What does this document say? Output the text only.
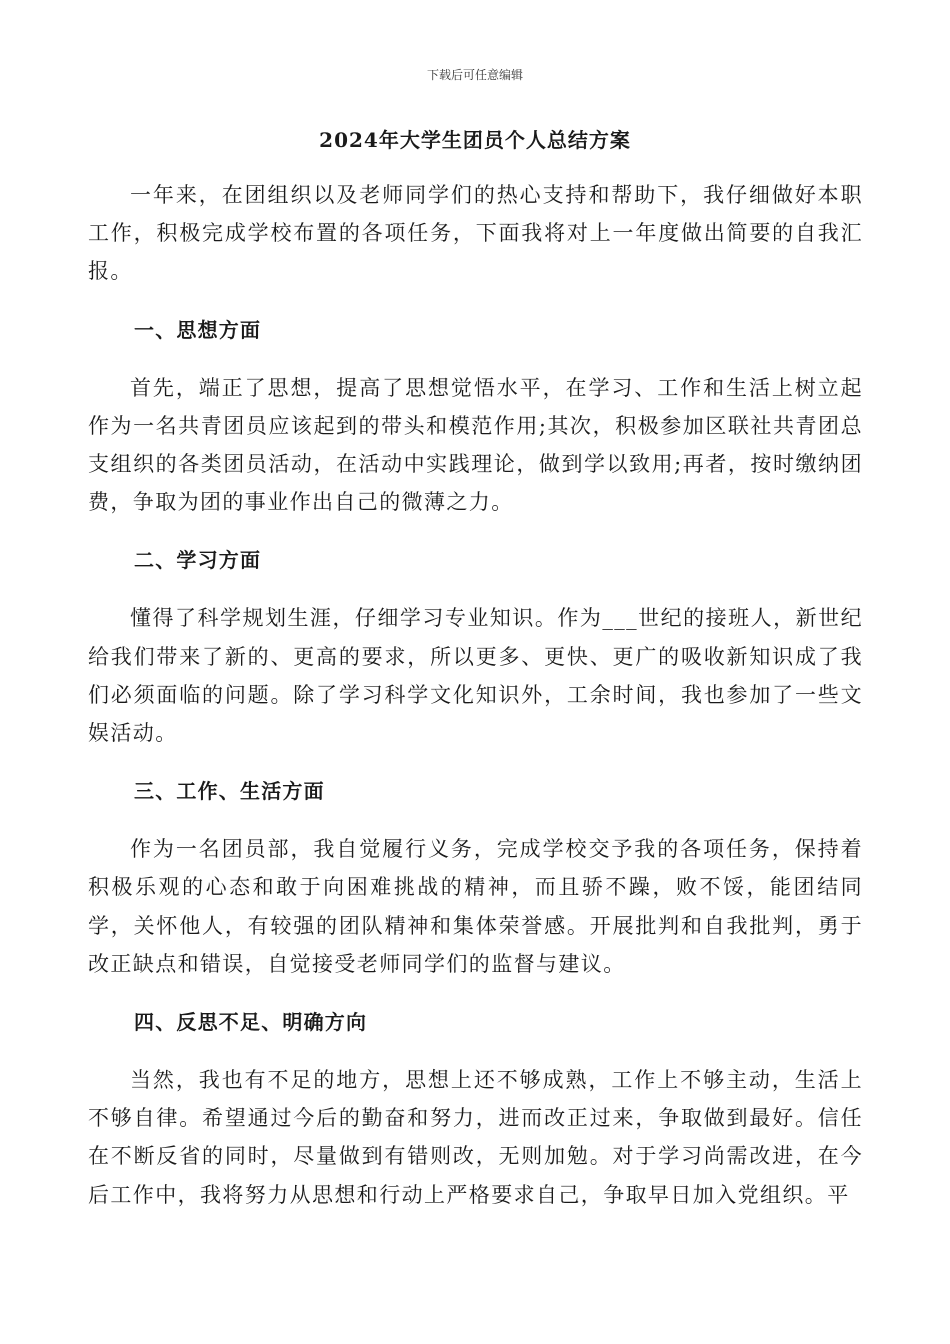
下载后可任意编辑
2024年大学生团员个人总结方案

一年来，在团组织以及老师同学们的热心支持和帮助下，我仔细做好本职工作，积极完成学校布置的各项任务，下面我将对上一年度做出简要的自我汇报。

一、思想方面

首先，端正了思想，提高了思想觉悟水平，在学习、工作和生活上树立起作为一名共青团员应该起到的带头和模范作用;其次，积极参加区联社共青团总支组织的各类团员活动，在活动中实践理论，做到学以致用;再者，按时缴纳团费，争取为团的事业作出自己的微薄之力。

二、学习方面

懂得了科学规划生涯，仔细学习专业知识。作为___世纪的接班人，新世纪给我们带来了新的、更高的要求，所以更多、更快、更广的吸收新知识成了我们必须面临的问题。除了学习科学文化知识外，工余时间，我也参加了一些文娱活动。

三、工作、生活方面

作为一名团员部，我自觉履行义务，完成学校交予我的各项任务，保持着积极乐观的心态和敢于向困难挑战的精神，而且骄不躁，败不馁，能团结同学，关怀他人，有较强的团队精神和集体荣誉感。开展批判和自我批判，勇于改正缺点和错误，自觉接受老师同学们的监督与建议。

四、反思不足、明确方向

当然，我也有不足的地方，思想上还不够成熟，工作上不够主动，生活上不够自律。希望通过今后的勤奋和努力，进而改正过来，争取做到最好。信任在不断反省的同时，尽量做到有错则改，无则加勉。对于学习尚需改进，在今后工作中，我将努力从思想和行动上严格要求自己，争取早日加入党组织。平
